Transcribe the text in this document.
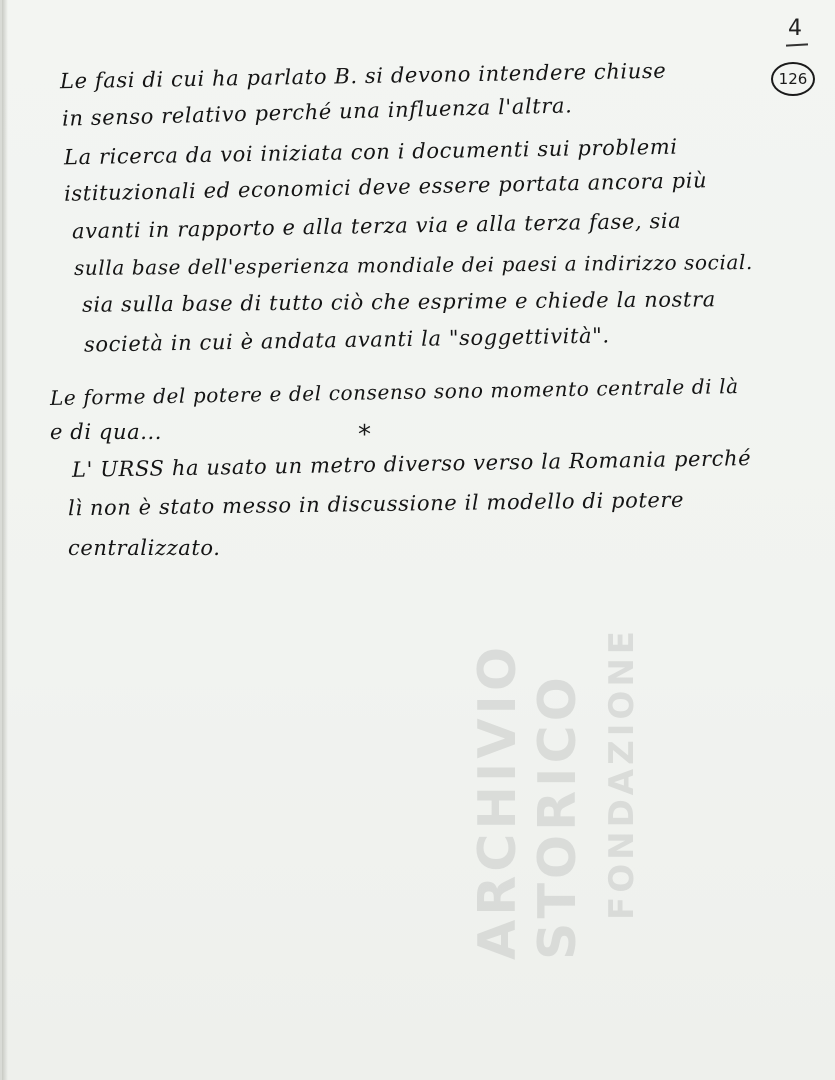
4
126

Le fasi di cui ha parlato B. si devono intendere chiuse

in senso relativo perché una influenza l'altra.

La ricerca da voi iniziata con i documenti sui problemi

istituzionali ed economici deve essere portata ancora più

avanti in rapporto e alla terza via e alla terza fase, sia

sulla base dell'esperienza mondiale dei paesi a indirizzo social.

sia sulla base di tutto ciò che esprime e chiede la nostra

società in cui è andata avanti la "soggettività".

Le forme del potere e del consenso sono momento centrale di là

e di qua...	*

L' URSS ha usato un metro diverso verso la Romania perché

lì non è stato messo in discussione il modello di potere

centralizzato.

ARCHIVIO STORICO FONDAZIONE
